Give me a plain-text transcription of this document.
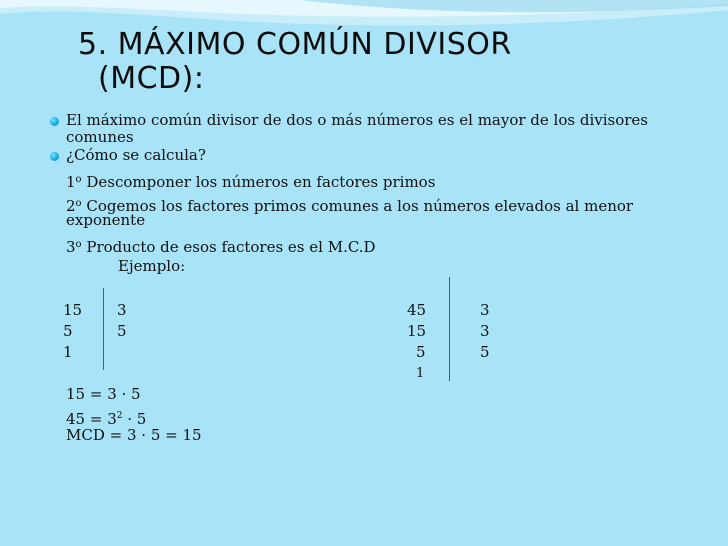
5. MÁXIMO COMÚN DIVISOR
(MCD):
El máximo común divisor de dos o más números es el mayor de los divisores
comunes
¿Cómo se calcula?
1$^o$ Descomponer los números en factores primos
2$^o$ Cogemos los factores primos comunes a los números elevados al menor
exponente
3$^o$ Producto de esos factores es el M.C.D
Ejemplo:
15
5
1
3
5
45
15
5
1
3
3
5
15 = 3 · 5
$45 = 3^2 \cdot 5$
MCD = 3 · 5 = 15
